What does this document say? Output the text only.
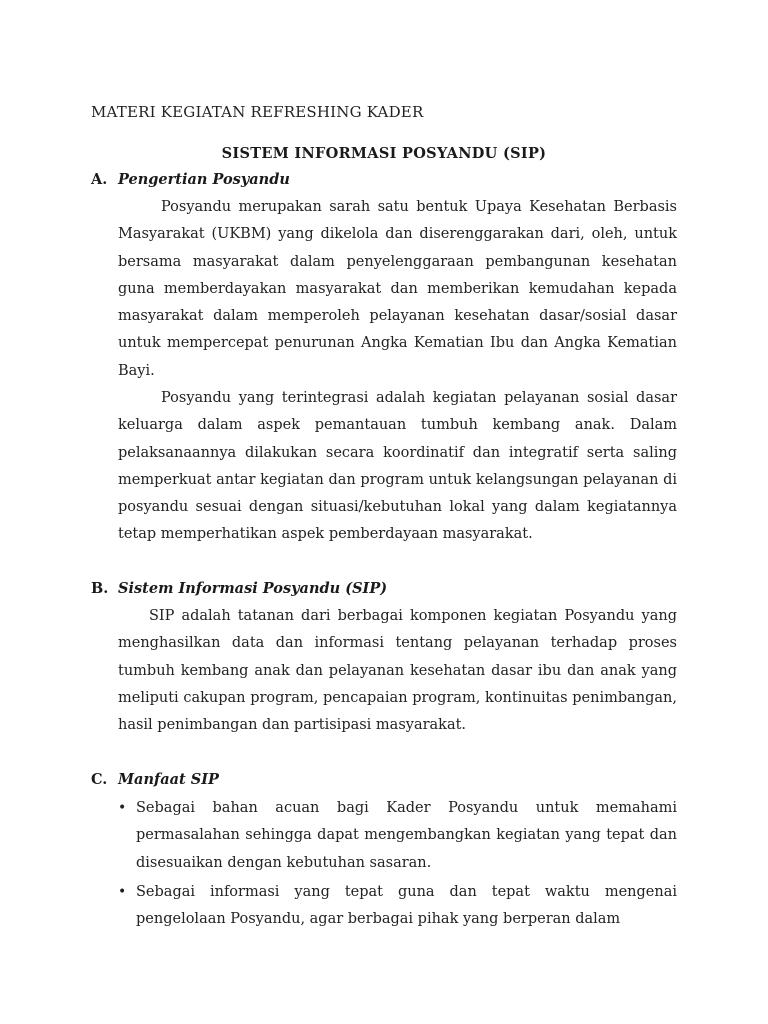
MATERI KEGIATAN REFRESHING KADER
SISTEM INFORMASI POSYANDU (SIP)
A. Pengertian Posyandu

Posyandu merupakan sarah satu bentuk Upaya Kesehatan Berbasis Masyarakat (UKBM) yang dikelola dan diserenggarakan dari, oleh, untuk bersama masyarakat dalam penyelenggaraan pembangunan kesehatan guna memberdayakan masyarakat dan memberikan kemudahan kepada masyarakat dalam memperoleh pelayanan kesehatan dasar/sosial dasar untuk mempercepat penurunan Angka Kematian Ibu dan Angka Kematian Bayi.

Posyandu yang terintegrasi adalah kegiatan pelayanan sosial dasar keluarga dalam aspek pemantauan tumbuh kembang anak. Dalam pelaksanaannya dilakukan secara koordinatif dan integratif serta saling memperkuat antar kegiatan dan program untuk kelangsungan pelayanan di posyandu sesuai dengan situasi/kebutuhan lokal yang dalam kegiatannya tetap memperhatikan aspek pemberdayaan masyarakat.

B. Sistem Informasi Posyandu (SIP)

SIP adalah tatanan dari berbagai komponen kegiatan Posyandu yang menghasilkan data dan informasi tentang pelayanan terhadap proses tumbuh kembang anak dan pelayanan kesehatan dasar ibu dan anak yang meliputi cakupan program, pencapaian program, kontinuitas penimbangan, hasil penimbangan dan partisipasi masyarakat.

C. Manfaat SIP
• Sebagai bahan acuan bagi Kader Posyandu untuk memahami permasalahan sehingga dapat mengembangkan kegiatan yang tepat dan disesuaikan dengan kebutuhan sasaran.
• Sebagai informasi yang tepat guna dan tepat waktu mengenai pengelolaan Posyandu, agar berbagai pihak yang berperan dalam
